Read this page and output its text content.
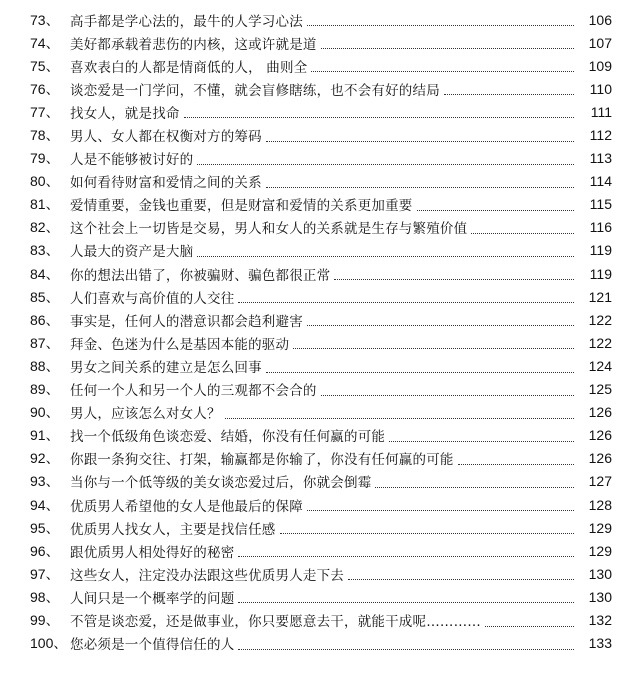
73、 高手都是学心法的，最牛的人学习心法	106
74、 美好都承载着悲伤的内核，这或许就是道	107
75、 喜欢表白的人都是情商低的人， 曲则全	109
76、 谈恋爱是一门学问，不懂，就会盲修瞎练，也不会有好的结局	110
77、 找女人，就是找命	111
78、 男人、女人都在权衡对方的筹码	112
79、 人是不能够被讨好的	113
80、 如何看待财富和爱情之间的关系	114
81、 爱情重要，金钱也重要，但是财富和爱情的关系更加重要	115
82、 这个社会上一切皆是交易，男人和女人的关系就是生存与繁殖价值	116
83、 人最大的资产是大脑	119
84、 你的想法出错了，你被骗财、骗色都很正常	119
85、 人们喜欢与高价值的人交往	121
86、 事实是，任何人的潜意识都会趋利避害	122
87、 拜金、色迷为什么是基因本能的驱动	122
88、 男女之间关系的建立是怎么回事	124
89、 任何一个人和另一个人的三观都不会合的	125
90、 男人，应该怎么对女人？	126
91、 找一个低级角色谈恋爱、结婚，你没有任何赢的可能	126
92、 你跟一条狗交往、打架，输赢都是你输了，你没有任何赢的可能	126
93、 当你与一个低等级的美女谈恋爱过后，你就会倒霉	127
94、 优质男人希望他的女人是他最后的保障	128
95、 优质男人找女人，主要是找信任感	129
96、 跟优质男人相处得好的秘密	129
97、 这些女人，注定没办法跟这些优质男人走下去	130
98、 人间只是一个概率学的问题	130
99、 不管是谈恋爱，还是做事业，你只要愿意去干，就能干成呢…………	132
100、 您必须是一个值得信任的人	133
